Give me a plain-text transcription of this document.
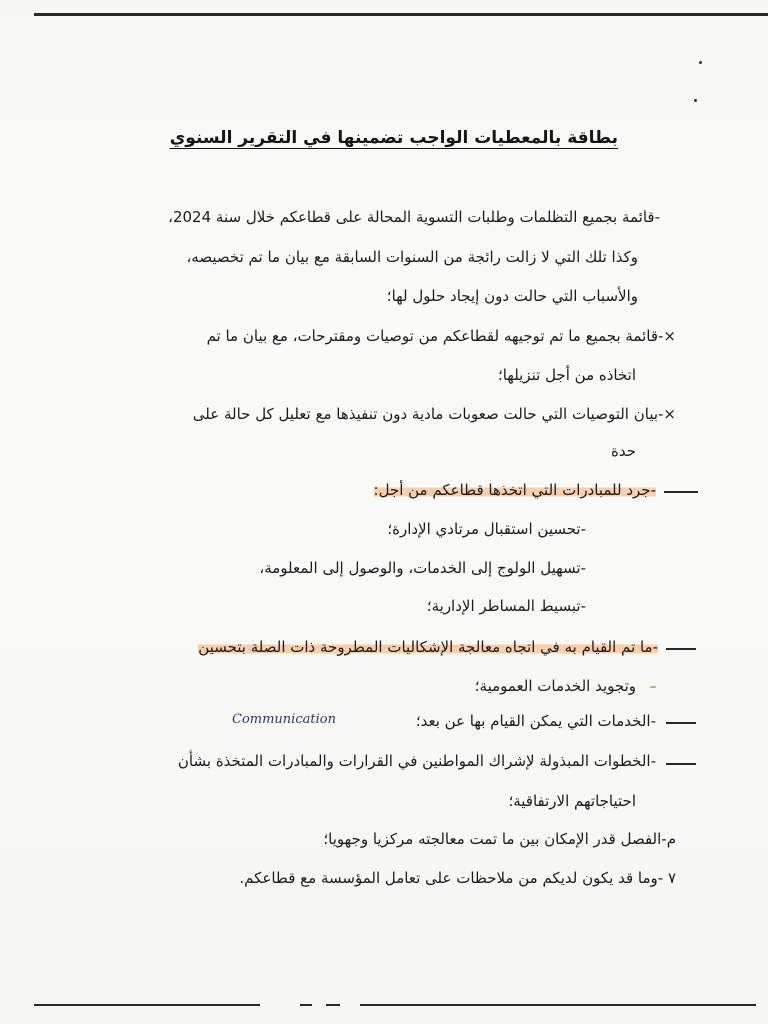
بطاقة بالمعطيات الواجب تضمينها في التقرير السنوي
-قائمة بجميع التظلمات وطلبات التسوية المحالة على قطاعكم خلال سنة 2024،
وكذا تلك التي لا زالت رائجة من السنوات السابقة مع بيان ما تم تخصيصه،
والأسباب التي حالت دون إيجاد حلول لها؛
×-قائمة بجميع ما تم توجيهه لقطاعكم من توصيات ومقترحات، مع بيان ما تم
اتخاذه من أجل تنزيلها؛
×-بيان التوصيات التي حالت صعوبات مادية دون تنفيذها مع تعليل كل حالة على
حدة
-جرد للمبادرات التي اتخذها قطاعكم من أجل:
-تحسين استقبال مرتادي الإدارة؛
-تسهيل الولوج إلى الخدمات، والوصول إلى المعلومة،
-تبسيط المساطر الإدارية؛
-ما تم القيام به في اتجاه معالجة الإشكاليات المطروحة ذات الصلة بتحسين
وتجويد الخدمات العمومية؛
-الخدمات التي يمكن القيام بها عن بعد؛
Communication
-الخطوات المبذولة لإشراك المواطنين في القرارات والمبادرات المتخذة بشأن
احتياجاتهم الارتفاقية؛
م-الفصل قدر الإمكان بين ما تمت معالجته مركزيا وجهويا؛
٧ -وما قد يكون لديكم من ملاحظات على تعامل المؤسسة مع قطاعكم.
